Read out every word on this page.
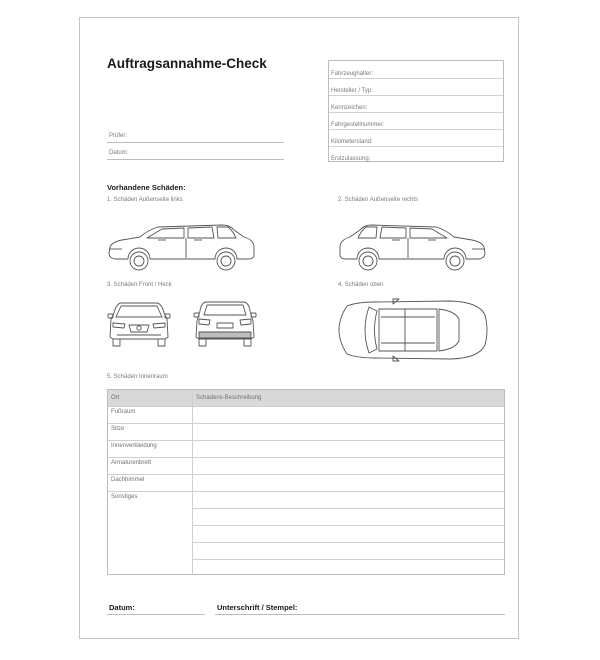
Auftragsannahme-Check
Prüfer:
Datum:
Fahrzeughalter:
Hersteller / Typ:
Kennzeichen:
Fahrgestellnummer:
Kilometerstand:
Erstzulassung:
Vorhandene Schäden:
1. Schäden Außenseite links	2. Schäden Außenseite rechts
3. Schäden Front / Heck	4. Schäden oben
5. Schäden Innenraum
Ort	Schadens-Beschreibung
Fußraum
Sitze
Innenverkleidung
Armaturenbrett
Dachhimmel
Sonstiges
Datum:	Unterschrift / Stempel:
